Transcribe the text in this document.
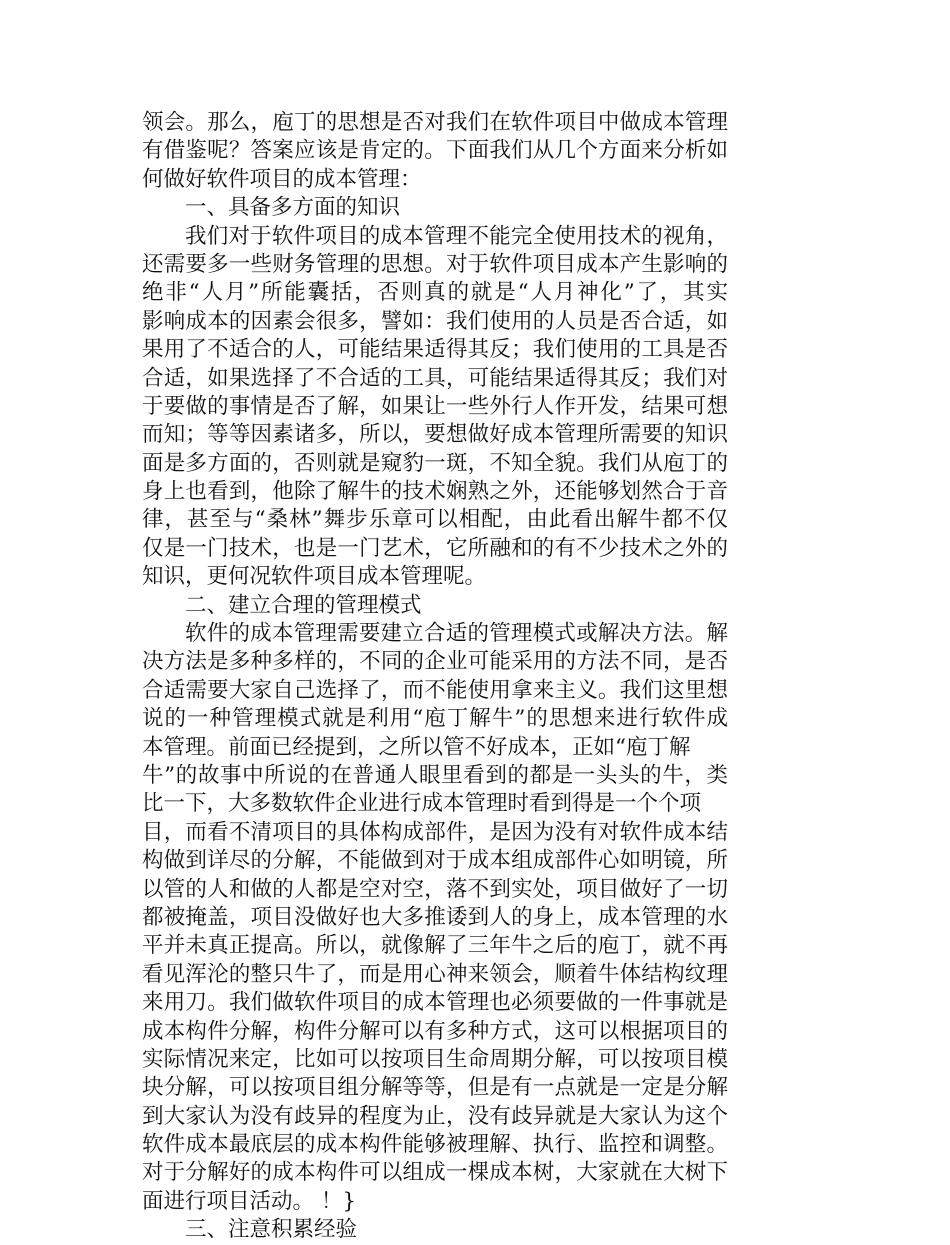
领会。那么，庖丁的思想是否对我们在软件项目中做成本管理
有借鉴呢？答案应该是肯定的。下面我们从几个方面来分析如
何做好软件项目的成本管理：
一、具备多方面的知识
我们对于软件项目的成本管理不能完全使用技术的视角，
还需要多一些财务管理的思想。对于软件项目成本产生影响的
绝非“人月”所能囊括，否则真的就是“人月神化”了，其实
影响成本的因素会很多，譬如：我们使用的人员是否合适，如
果用了不适合的人，可能结果适得其反；我们使用的工具是否
合适，如果选择了不合适的工具，可能结果适得其反；我们对
于要做的事情是否了解，如果让一些外行人作开发，结果可想
而知；等等因素诸多，所以，要想做好成本管理所需要的知识
面是多方面的，否则就是窥豹一斑，不知全貌。我们从庖丁的
身上也看到，他除了解牛的技术娴熟之外，还能够划然合于音
律，甚至与“桑林”舞步乐章可以相配，由此看出解牛都不仅
仅是一门技术，也是一门艺术，它所融和的有不少技术之外的
知识，更何况软件项目成本管理呢。
二、建立合理的管理模式
软件的成本管理需要建立合适的管理模式或解决方法。解
决方法是多种多样的，不同的企业可能采用的方法不同，是否
合适需要大家自己选择了，而不能使用拿来主义。我们这里想
说的一种管理模式就是利用“庖丁解牛”的思想来进行软件成
本管理。前面已经提到，之所以管不好成本，正如“庖丁解
牛”的故事中所说的在普通人眼里看到的都是一头头的牛，类
比一下，大多数软件企业进行成本管理时看到得是一个个项
目，而看不清项目的具体构成部件，是因为没有对软件成本结
构做到详尽的分解，不能做到对于成本组成部件心如明镜，所
以管的人和做的人都是空对空，落不到实处，项目做好了一切
都被掩盖，项目没做好也大多推诿到人的身上，成本管理的水
平并未真正提高。所以，就像解了三年牛之后的庖丁，就不再
看见浑沦的整只牛了，而是用心神来领会，顺着牛体结构纹理
来用刀。我们做软件项目的成本管理也必须要做的一件事就是
成本构件分解，构件分解可以有多种方式，这可以根据项目的
实际情况来定，比如可以按项目生命周期分解，可以按项目模
块分解，可以按项目组分解等等，但是有一点就是一定是分解
到大家认为没有歧异的程度为止，没有歧异就是大家认为这个
软件成本最底层的成本构件能够被理解、执行、监控和调整。
对于分解好的成本构件可以组成一棵成本树，大家就在大树下
面进行项目活动。 ！}
三、注意积累经验
